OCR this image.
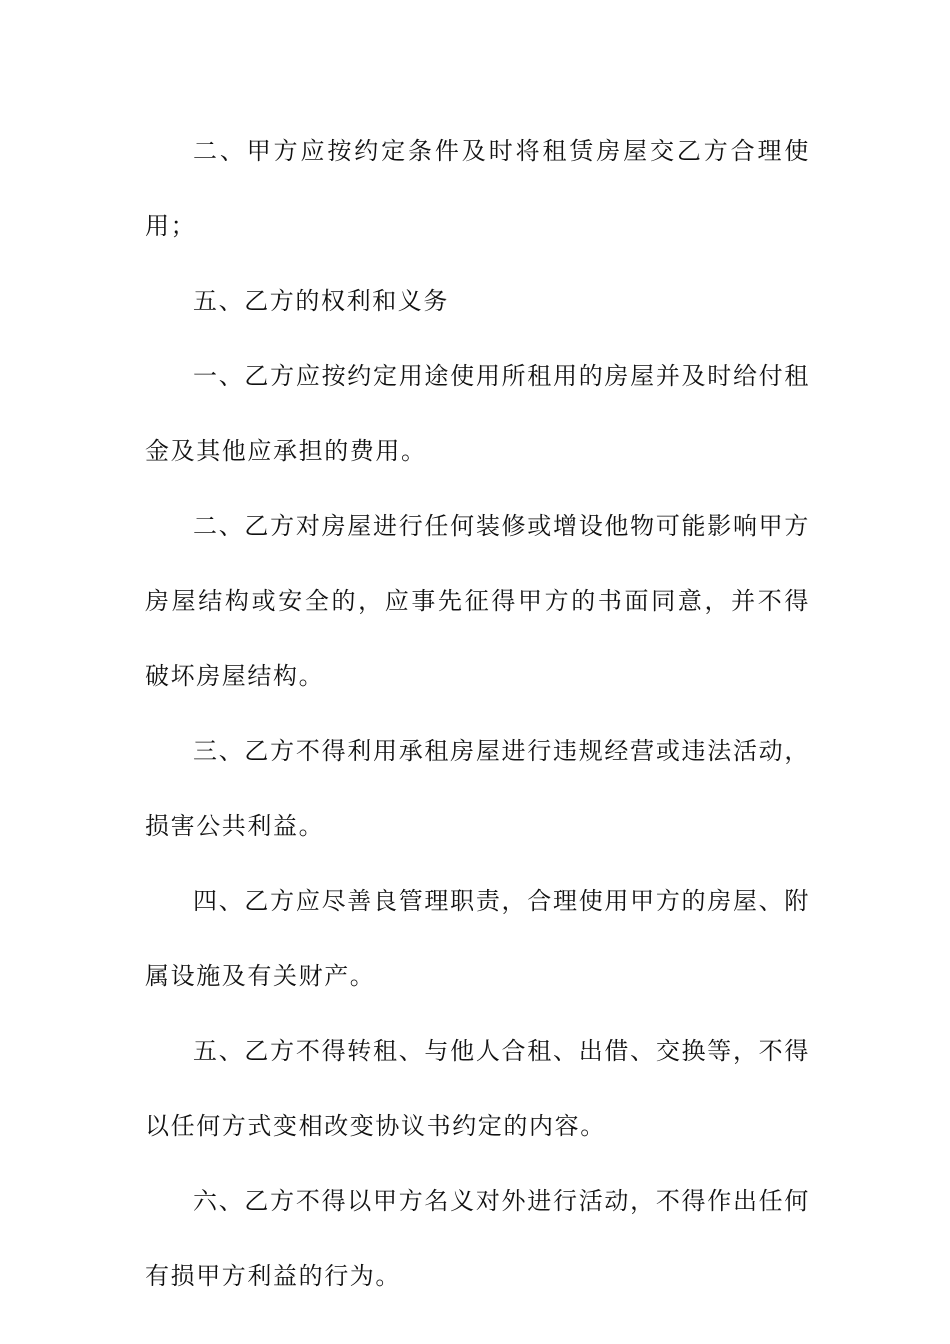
二、甲方应按约定条件及时将租赁房屋交乙方合理使用；

五、乙方的权利和义务

一、乙方应按约定用途使用所租用的房屋并及时给付租金及其他应承担的费用。

二、乙方对房屋进行任何装修或增设他物可能影响甲方房屋结构或安全的，应事先征得甲方的书面同意，并不得破坏房屋结构。

三、乙方不得利用承租房屋进行违规经营或违法活动，损害公共利益。

四、乙方应尽善良管理职责，合理使用甲方的房屋、附属设施及有关财产。

五、乙方不得转租、与他人合租、出借、交换等，不得以任何方式变相改变协议书约定的内容。

六、乙方不得以甲方名义对外进行活动，不得作出任何有损甲方利益的行为。
